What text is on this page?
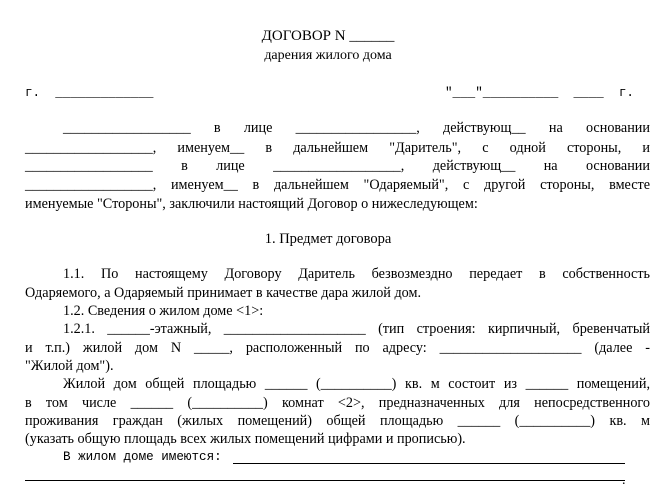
ДОГОВОР N ______
дарения жилого дома
г.  _____________	"___"__________  ____  г.
__________________ в лице _________________, действующ__ на основании
__________________, именуем__ в дальнейшем "Даритель", с одной стороны, и
__________________ в лице __________________, действующ__ на основании
__________________, именуем__ в дальнейшем "Одаряемый", с другой стороны, вместе
именуемые "Стороны", заключили настоящий Договор о нижеследующем:
1. Предмет договора
1.1. По настоящему Договору Даритель безвозмездно передает в собственность
Одаряемого, а Одаряемый принимает в качестве дара жилой дом.
1.2. Сведения о жилом доме <1>:
1.2.1. ______-этажный, ____________________ (тип строения: кирпичный, бревенчатый
и т.п.) жилой дом N _____, расположенный по адресу: ____________________ (далее -
"Жилой дом").
Жилой дом общей площадью ______ (__________) кв. м состоит из ______ помещений,
в том числе ______ (__________) комнат <2>, предназначенных для непосредственного
проживания граждан (жилых помещений) общей площадью ______ (__________) кв. м
(указать общую площадь всех жилых помещений цифрами и прописью).
В жилом доме имеются:
.
